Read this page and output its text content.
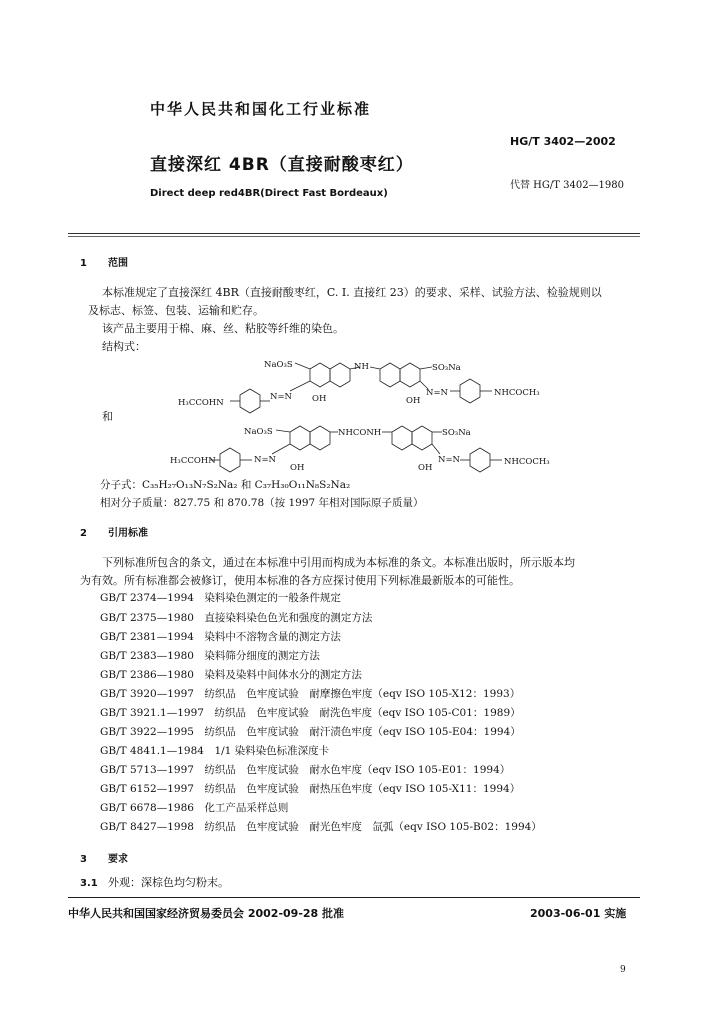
中华人民共和国化工行业标准
HG/T 3402—2002
直接深红 4BR（直接耐酸枣红）
代替 HG/T 3402—1980
Direct deep red4BR(Direct Fast Bordeaux)
1 范围
本标准规定了直接深红 4BR（直接耐酸枣红，C. I. 直接红 23）的要求、采样、试验方法、检验规则以
及标志、标签、包装、运输和贮存。
该产品主要用于棉、麻、丝、粘胶等纤维的染色。
结构式：
NaO₃S	NH	SO₃Na
H₃CCOHN
N=N OH	OH
N=N	NHCOCH₃
和
NaO₃S	NHCONH	SO₃Na
H₃CCOHN	N=N
OH	OH
N=N	NHCOCH₃
分子式：C₃₅H₂₇O₁₃N₇S₂Na₂ 和 C₃₇H₃₀O₁₁N₈S₂Na₂
相对分子质量：827.75 和 870.78（按 1997 年相对国际原子质量）
2 引用标准
下列标准所包含的条文，通过在本标准中引用而构成为本标准的条文。本标准出版时，所示版本均
为有效。所有标准都会被修订，使用本标准的各方应探讨使用下列标准最新版本的可能性。
GB/T 2374—1994　染料染色测定的一般条件规定
GB/T 2375—1980　直接染料染色色光和强度的测定方法
GB/T 2381—1994　染料中不溶物含量的测定方法
GB/T 2383—1980　染料筛分细度的测定方法
GB/T 2386—1980　染料及染料中间体水分的测定方法
GB/T 3920—1997　纺织品　色牢度试验　耐摩擦色牢度（eqv ISO 105-X12：1993）
GB/T 3921.1—1997　纺织品　色牢度试验　耐洗色牢度（eqv ISO 105-C01：1989）
GB/T 3922—1995　纺织品　色牢度试验　耐汗渍色牢度（eqv ISO 105-E04：1994）
GB/T 4841.1—1984　1/1 染料染色标准深度卡
GB/T 5713—1997　纺织品　色牢度试验　耐水色牢度（eqv ISO 105-E01：1994）
GB/T 6152—1997　纺织品　色牢度试验　耐热压色牢度（eqv ISO 105-X11：1994）
GB/T 6678—1986　化工产品采样总则
GB/T 8427—1998　纺织品　色牢度试验　耐光色牢度　氙弧（eqv ISO 105-B02：1994）
3 要求
3.1 外观：深棕色均匀粉末。
中华人民共和国国家经济贸易委员会 2002-09-28 批准	2003-06-01 实施
9
